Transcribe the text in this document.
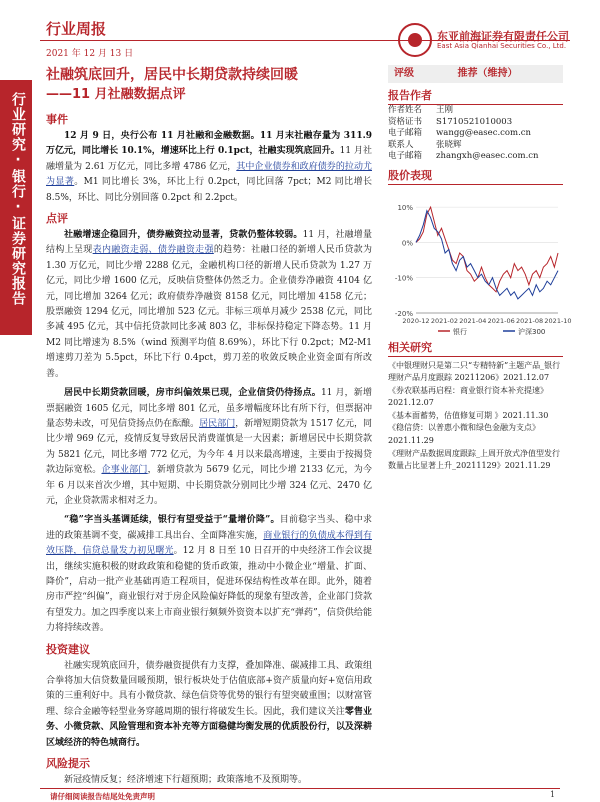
行业周报
2021 年 12 月 13 日
东亚前海证券有限责任公司
East Asia Qianhai Securities Co., Ltd.
行业研究·银行·证券研究报告
社融筑底回升，居民中长期贷款持续回暖
——11 月社融数据点评
事件

12 月 9 日，央行公布 11 月社融和金融数据。11 月末社融存量为 311.9 万亿元，同比增长 10.1%，增速环比上行 0.1pct，社融实现筑底回升。11 月社融增量为 2.61 万亿元，同比多增 4786 亿元，其中企业债券和政府债券的拉动尤为显著。M1 同比增长 3%，环比上行 0.2pct，同比回落 7pct；M2 同比增长 8.5%，环比、同比分别回落 0.2pct 和 2.2pct。

点评

社融增速企稳回升，债券融资拉动显著，贷款仍整体较弱。11 月，社融增量结构上呈现表内融资走弱、债券融资走强的趋势：社融口径的新增人民币贷款为 1.30 万亿元，同比少增 2288 亿元，金融机构口径的新增人民币贷款为 1.27 万亿元，同比少增 1600 亿元，反映信贷整体仍然乏力。企业债券净融资 4104 亿元，同比增加 3264 亿元；政府债券净融资 8158 亿元，同比增加 4158 亿元；股票融资 1294 亿元，同比增加 523 亿元。非标三项单月减少 2538 亿元，同比多减 495 亿元，其中信托贷款同比多减 803 亿，非标保持稳定下降态势。11 月 M2 同比增速为 8.5%（wind 预测平均值 8.69%），环比下行 0.2pct；M2-M1 增速剪刀差为 5.5pct，环比下行 0.4pct，剪刀差的收敛反映企业资金面有所改善。

居民中长期贷款回暖，房市纠偏效果已现，企业信贷仍待扬点。11 月，新增票据融资 1605 亿元，同比多增 801 亿元，虽多增幅度环比有所下行，但票据冲量态势未改，可见信贷扬点仍在酝酿。居民部门，新增短期贷款为 1517 亿元，同比少增 969 亿元，疫情反复导致居民消费谨慎是一大因素；新增居民中长期贷款为 5821 亿元，同比多增 772 亿元，为今年 4 月以来最高增速，主要由于按揭贷款边际宽松。企事业部门，新增贷款为 5679 亿元，同比少增 2133 亿元，为今年 6 月以来首次少增，其中短期、中长期贷款分别同比少增 324 亿元、2470 亿元，企业贷款需求相对乏力。

“稳”字当头基调延续，银行有望受益于“量增价降”。目前稳字当头、稳中求进的政策基调不变，碳减排工具出台、全面降准实施，商业银行的负债成本得到有效压降，信贷总量发力初见曙光。12 月 8 日至 10 日召开的中央经济工作会议提出，继续实施积极的财政政策和稳健的货币政策，推动中小微企业“增量、扩面、降价”，启动一批产业基础再造工程项目，促进环保结构性改革在即。此外，随着房市严控“纠偏”，商业银行对于房企风险偏好降低的现象有望改善，企业部门贷款有望发力。加之四季度以来上市商业银行频频外资资本以扩充“弹药”，信贷供给能力将持续改善。

投资建议

社融实现筑底回升，债券融资提供有力支撑，叠加降准、碳减排工具、政策组合拳将加大信贷数量回暖预期，银行板块处于估值底部+资产质量向好+宽信用政策的三重利好中。具有小微贷款、绿色信贷等优势的银行有望突破重围；以财富管理、综合金融等轻型业务穿越周期的银行将破发生长。因此，我们建议关注零售业务、小微贷款、风险管理和资本补充等方面稳健均衡发展的优质股份行，以及深耕区域经济的特色城商行。

风险提示

新冠疫情反复；经济增速下行超预期；政策落地不及预期等。

评级	推荐（维持）
报告作者
作者姓名	王刚
资格证书	S1710521010003
电子邮箱	wangg@easec.com.cn
联系人	张晓辉
电子邮箱	zhangxh@easec.com.cn
股价表现
10%
0%
-10%
-20%
2020-12 2021-02 2021-04 2021-06 2021-08 2021-10
银行	沪深300
相关研究
《中银理财只是第二只“专精特新”主题产品_银行理财产品月度跟踪 20211206》2021.12.07
《券农联基再启程：商业银行资本补充提速》2021.12.07
《基本面蓄势，估值修复可期 》2021.11.30
《稳信贷：以普惠小微和绿色金融为支点》2021.11.29
《理财产品数据周度跟踪_上周开放式净值型发行数量占比显著上升_20211129》2021.11.29
请仔细阅读报告结尾处免责声明	1
